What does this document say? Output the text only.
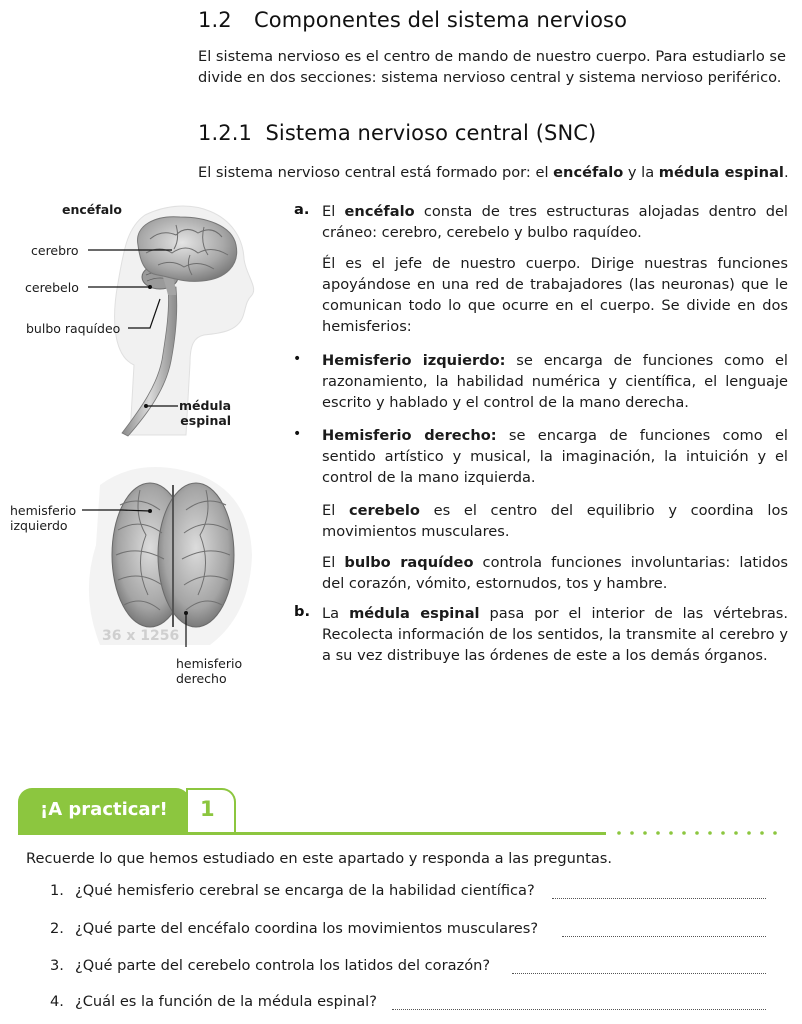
1.2 Componentes del sistema nervioso
El sistema nervioso es el centro de mando de nuestro cuerpo. Para estudiarlo se divide en dos secciones: sistema nervioso central y sistema nervioso periférico.
1.2.1 Sistema nervioso central (SNC)
El sistema nervioso central está formado por: el encéfalo y la médula espinal.
encéfalo
cerebro
cerebelo
bulbo raquídeo
médula
espinal
36 x 1256
hemisferio
izquierdo
hemisferio
derecho
a. El encéfalo consta de tres estructuras alojadas dentro del cráneo: cerebro, cerebelo y bulbo raquídeo.
Él es el jefe de nuestro cuerpo. Dirige nuestras funciones apoyándose en una red de trabajadores (las neuronas) que le comunican todo lo que ocurre en el cuerpo. Se divide en dos hemisferios:
• Hemisferio izquierdo: se encarga de funciones como el razonamiento, la habilidad numérica y científica, el lenguaje escrito y hablado y el control de la mano derecha.
• Hemisferio derecho: se encarga de funciones como el sentido artístico y musical, la imaginación, la intuición y el control de la mano izquierda.
El cerebelo es el centro del equilibrio y coordina los movimientos musculares.
El bulbo raquídeo controla funciones involuntarias: latidos del corazón, vómito, estornudos, tos y hambre.
b. La médula espinal pasa por el interior de las vértebras. Recolecta información de los sentidos, la transmite al cerebro y a su vez distribuye las órdenes de este a los demás órganos.
¡A practicar! 1
Recuerde lo que hemos estudiado en este apartado y responda a las preguntas.
1. ¿Qué hemisferio cerebral se encarga de la habilidad científica?
2. ¿Qué parte del encéfalo coordina los movimientos musculares?
3. ¿Qué parte del cerebelo controla los latidos del corazón?
4. ¿Cuál es la función de la médula espinal?
